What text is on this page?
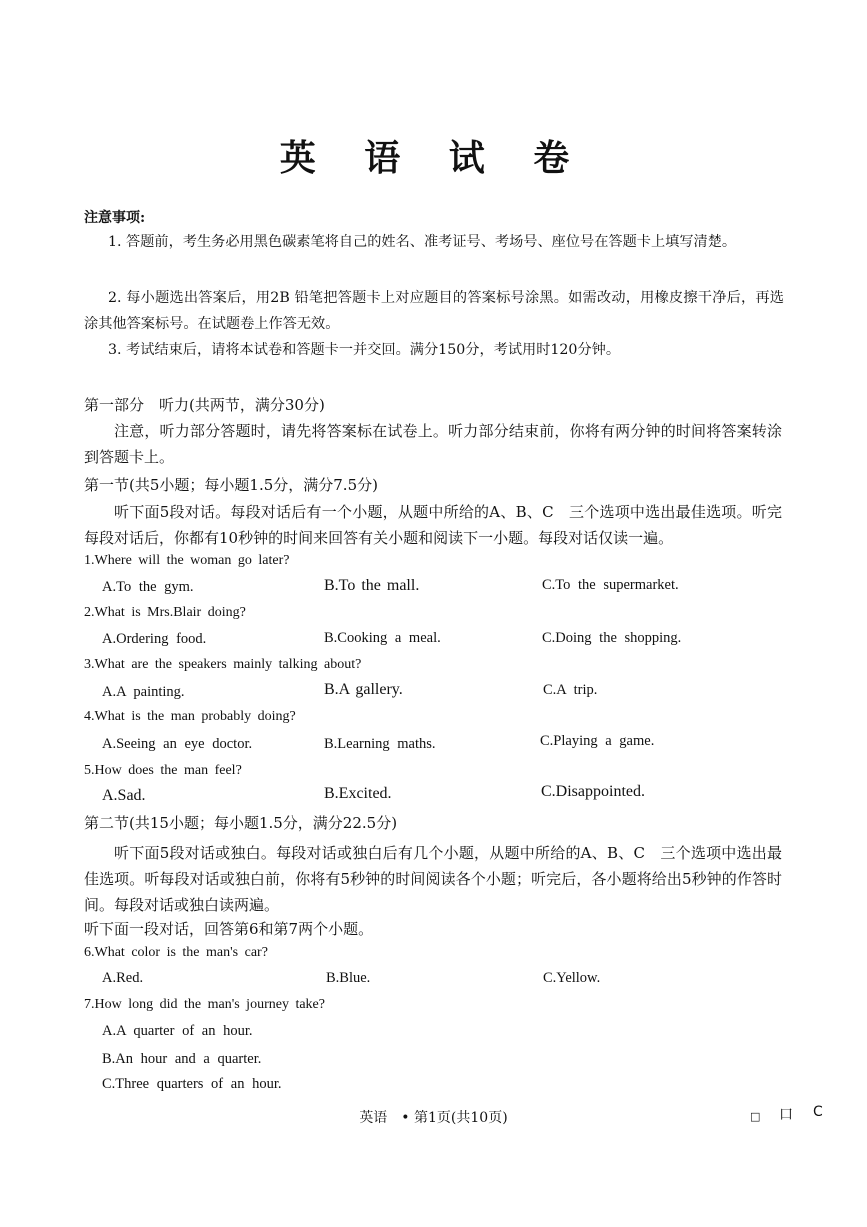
英 语 试 卷
注意事项:
1. 答题前，考生务必用黑色碳素笔将自己的姓名、准考证号、考场号、座位号在答题卡上填写清楚。
2. 每小题选出答案后，用2B 铅笔把答题卡上对应题目的答案标号涂黑。如需改动，用橡皮擦干净后，再选涂其他答案标号。在试题卷上作答无效。
3. 考试结束后，请将本试卷和答题卡一并交回。满分150分，考试用时120分钟。
第一部分　听力(共两节，满分30分)
注意，听力部分答题时，请先将答案标在试卷上。听力部分结束前，你将有两分钟的时间将答案转涂到答题卡上。
第一节(共5小题；每小题1.5分，满分7.5分)
听下面5段对话。每段对话后有一个小题，从题中所给的A、B、C　三个选项中选出最佳选项。听完每段对话后，你都有10秒钟的时间来回答有关小题和阅读下一小题。每段对话仅读一遍。
1.Where will the woman go later?
A.To the gym.	B.To the mall.	C.To the supermarket.
2.What is Mrs.Blair doing?
A.Ordering food.	B.Cooking a meal.	C.Doing the shopping.
3.What are the speakers mainly talking about?
A.A painting.	B.A gallery.	C.A trip.
4.What is the man probably doing?
A.Seeing an eye doctor.	B.Learning maths.	C.Playing a game.
5.How does the man feel?
A.Sad.	B.Excited.	C.Disappointed.
第二节(共15小题；每小题1.5分，满分22.5分)
听下面5段对话或独白。每段对话或独白后有几个小题，从题中所给的A、B、C　三个选项中选出最佳选项。听每段对话或独白前，你将有5秒钟的时间阅读各个小题；听完后，各小题将给出5秒钟的作答时间。每段对话或独白读两遍。
听下面一段对话，回答第6和第7两个小题。
6.What color is the man's car?
A.Red.	B.Blue.	C.Yellow.
7.How long did the man's journey take?
A.A quarter of an hour.
B.An hour and a quarter.
C.Three quarters of an hour.
英语　• 第1页(共10页)	□ 口 C
